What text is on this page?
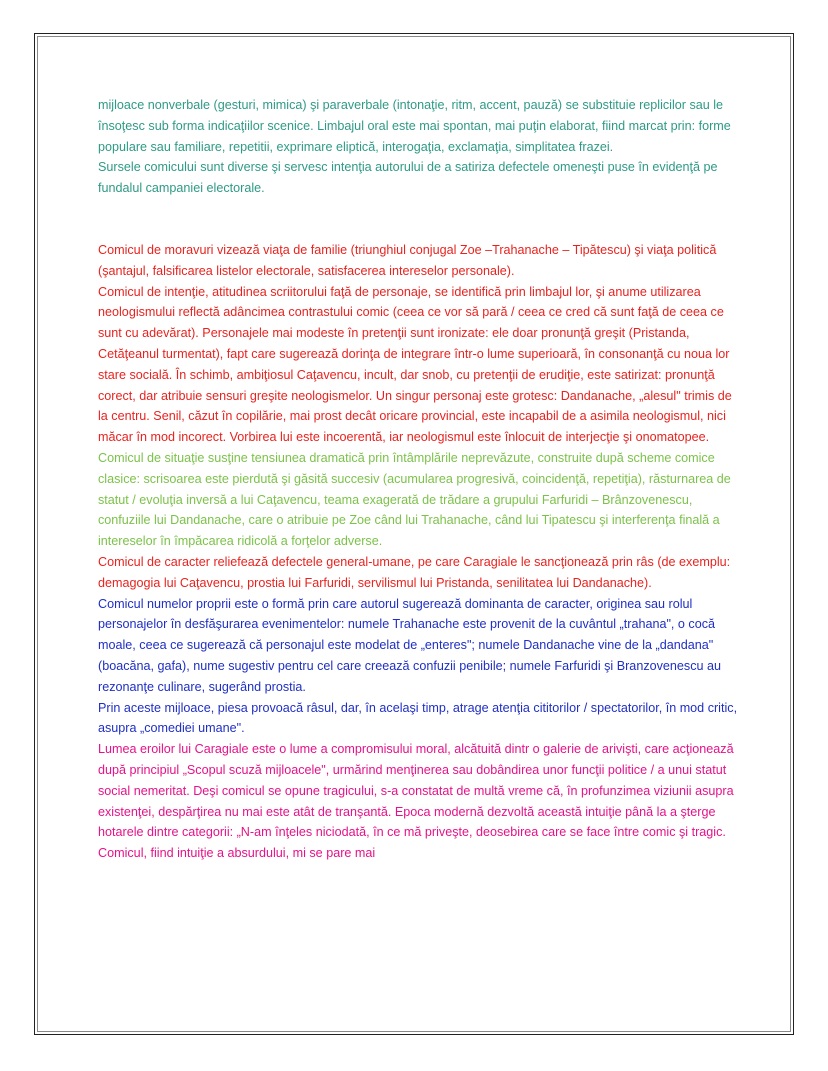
mijloace nonverbale (gesturi, mimica) şi paraverbale (intonaţie, ritm, accent, pauză) se substituie replicilor sau le însoţesc sub forma indicaţiilor scenice. Limbajul oral este mai spontan, mai puţin elaborat, fiind marcat prin: forme populare sau familiare, repetitii, exprimare eliptică, interogaţia, exclamaţia, simplitatea frazei.

Sursele comicului sunt diverse şi servesc intenţia autorului de a satiriza defectele omeneşti puse în evidenţă pe fundalul campaniei electorale.

Comicul de moravuri vizează viaţa de familie (triunghiul conjugal Zoe –Trahanache – Tipătescu) şi viaţa politică (şantajul, falsificarea listelor electorale, satisfacerea intereselor personale).

Comicul de intenţie, atitudinea scriitorului faţă de personaje, se identifică prin limbajul lor, şi anume utilizarea neologismului reflectă adâncimea contrastului comic (ceea ce vor să pară / ceea ce cred că sunt faţă de ceea ce sunt cu adevărat). Personajele mai modeste în pretenţii sunt ironizate: ele doar pronunţă greşit (Pristanda, Cetăţeanul turmentat), fapt care sugerează dorinţa de integrare într-o lume superioară, în consonanţă cu noua lor stare socială. În schimb, ambiţiosul Caţavencu, incult, dar snob, cu pretenţii de erudiţie, este satirizat: pronunţă corect, dar atribuie sensuri greşite neologismelor. Un singur personaj este grotesc: Dandanache, „alesul" trimis de la centru. Senil, căzut în copilărie, mai prost decât oricare provincial, este incapabil de a asimila neologismul, nici măcar în mod incorect. Vorbirea lui este incoerentă, iar neologismul este înlocuit de interjecţie şi onomatopee.

Comicul de situaţie susţine tensiunea dramatică prin întâmplările neprevăzute, construite după scheme comice clasice: scrisoarea este pierdută şi găsită succesiv (acumularea progresivă, coincidenţă, repetiţia), răsturnarea de statut / evoluţia inversă a lui Caţavencu, teama exagerată de trădare a grupului Farfuridi – Brânzovenescu, confuziile lui Dandanache, care o atribuie pe Zoe când lui Trahanache, când lui Tipatescu şi interferenţa finală a intereselor în împăcarea ridicolă a forţelor adverse.

Comicul de caracter reliefează defectele general-umane, pe care Caragiale le sancţionează prin râs (de exemplu: demagogia lui Caţavencu, prostia lui Farfuridi, servilismul lui Pristanda, senilitatea lui Dandanache).

Comicul numelor proprii este o formă prin care autorul sugerează dominanta de caracter, originea sau rolul personajelor în desfăşurarea evenimentelor: numele Trahanache este provenit de la cuvântul „trahana", o cocă moale, ceea ce sugerează că personajul este modelat de „enteres"; numele Dandanache vine de la „dandana" (boacăna, gafa), nume sugestiv pentru cel care creează confuzii penibile; numele Farfuridi şi Branzovenescu au rezonanţe culinare, sugerând prostia.

Prin aceste mijloace, piesa provoacă râsul, dar, în acelaşi timp, atrage atenţia cititorilor / spectatorilor, în mod critic, asupra „comediei umane".

Lumea eroilor lui Caragiale este o lume a compromisului moral, alcătuită dintr o galerie de arivişti, care acţionează după principiul „Scopul scuză mijloacele", urmărind menţinerea sau dobândirea unor funcţii politice / a unui statut social nemeritat. Deşi comicul se opune tragicului, s-a constatat de multă vreme că, în profunzimea viziunii asupra existenţei, despărţirea nu mai este atât de tranşantă. Epoca modernă dezvoltă această intuiţie până la a şterge hotarele dintre categorii: „N-am înţeles niciodată, în ce mă priveşte, deosebirea care se face între comic şi tragic. Comicul, fiind intuiţie a absurdului, mi se pare mai
